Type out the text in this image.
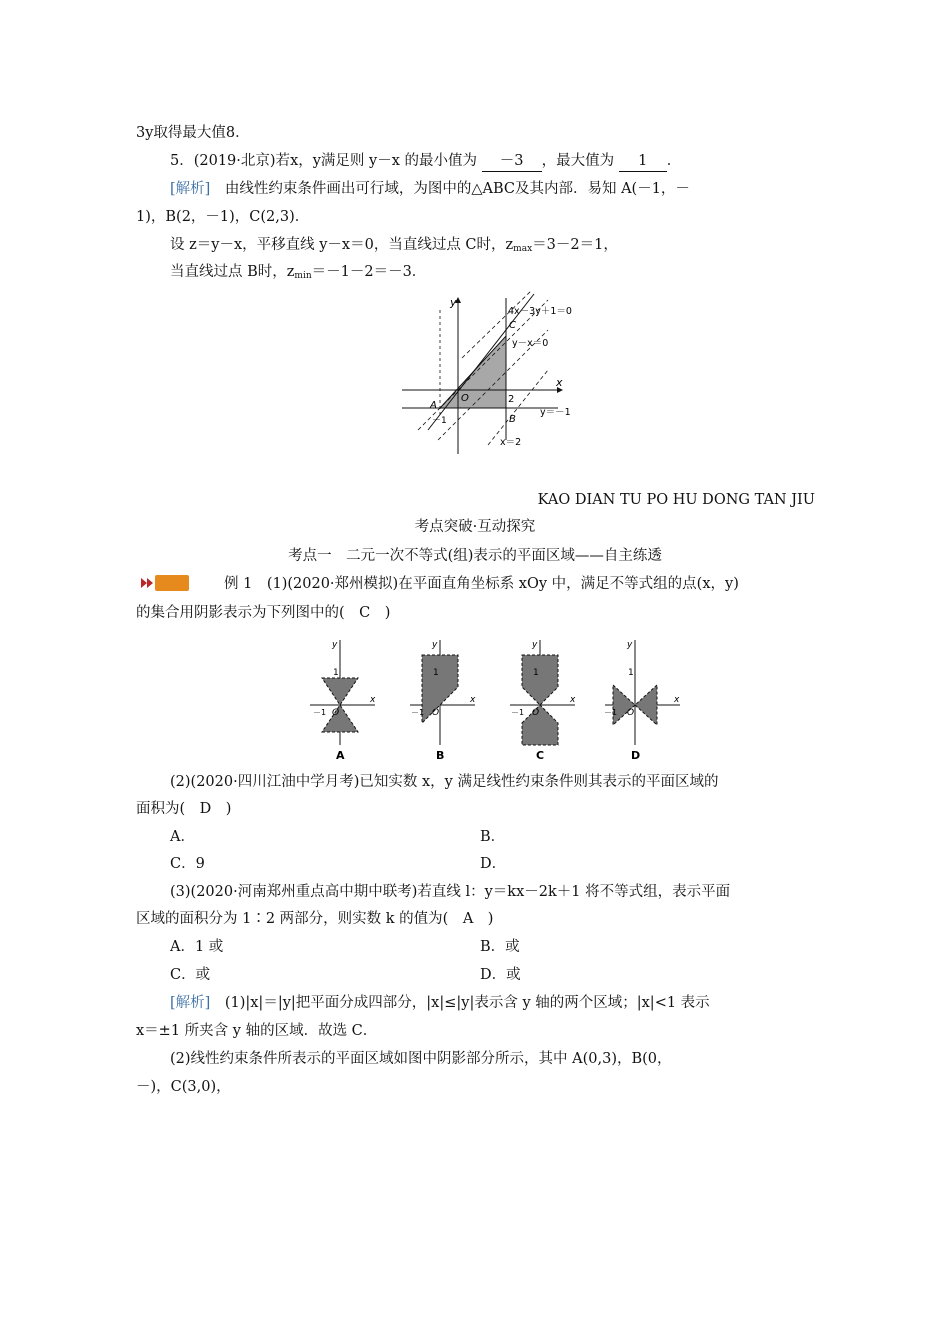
3y取得最大值8．
5．(2019·北京)若x，y满足则 y－x 的最小值为 －3 ，最大值为 1 ．
[解析]　由线性约束条件画出可行域，为图中的△ABC及其内部．易知 A(－1，－
1)，B(2，－1)，C(2,3)．
设 z＝y－x，平移直线 y－x＝0，当直线过点 C时，$z_{max}=3-2=1$，
当直线过点 B时，$z_{min}=-1-2=-3$．
y
x
O
A
B
C
2
－1
4x－3y＋1＝0
y－x＝0
y＝－1
x＝2
KAO DIAN TU PO HU DONG TAN JIU
考点突破·互动探究
考点一　二元一次不等式(组)表示的平面区域——自主练透
例 1　(1)(2020·郑州模拟)在平面直角坐标系 xOy 中，满足不等式组的点(x，y)
的集合用阴影表示为下列图中的(　C　)
y
x
O
1
－1
A
y
x
O
1
－1
B
y
x
O
1
－1
C
y
x
O
1
－1
D
(2)(2020·四川江油中学月考)已知实数 x，y 满足线性约束条件则其表示的平面区域的
面积为(　D　)
A．	B．
C．9	D．
(3)(2020·河南郑州重点高中期中联考)若直线 l：y＝kx－2k＋1 将不等式组，表示平面
区域的面积分为 1∶2 两部分，则实数 k 的值为(　A　)
A．1 或	B．或
C．或	D．或
[解析]　(1)|x|＝|y|把平面分成四部分，|x|≤|y|表示含 y 轴的两个区域；|x|<1 表示
x＝±1 所夹含 y 轴的区域．故选 C．
(2)线性约束条件所表示的平面区域如图中阴影部分所示，其中 A(0,3)，B(0，
－)，C(3,0)，
